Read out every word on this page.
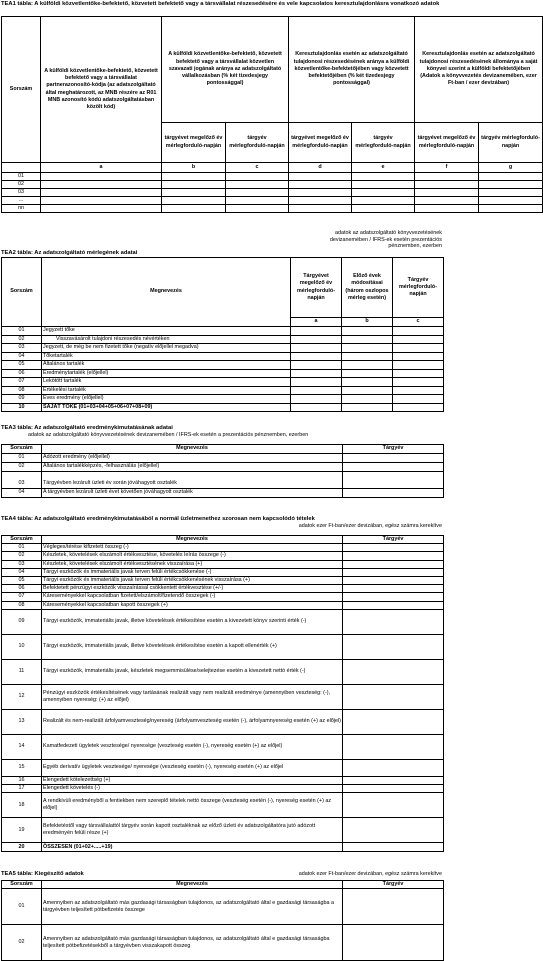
TEA1 tábla: A külföldi közvetlentőke-befektető, közvetett befektető vagy a társvállalat részesedésére és vele kapcsolatos keresztulajdonlásra vonatkozó adatok
Sorszám	A külföldi közvetlentőke-befektető, közvetett befektető vagy a társvállalat partnerazonosító-kódja (az adatszolgáltató által meghatározott, az MNB részére az R01 MNB azonosító kódú adatszolgáltatásban közölt kód)	A külföldi közvetlentőke-befektető, közvetett befektető vagy a társvállalat közvetlen szavazati jogának aránya az adatszolgáltató vállalkozásban (% két tizedesjegy pontossággal)		Keresztulajdonlás esetén az adatszolgáltató tulajdonosi részesedésének aránya a külföldi közvetlentőke-befektetőjében vagy közvetett befektetőjében (% két tizedesjegy pontossággal)		Keresztulajdonlás esetén az adatszolgáltató tulajdonosi részesedésének állománya a saját könyvei szerint a külföldi befektetőjében (Adatok a könyvvezetés devizanemében, ezer Ft-ban / ezer devizában)	
		tárgyévet megelőző év mérlegforduló-napján	tárgyév mérlegforduló-napján	tárgyévet megelőző év mérlegforduló-napján	tárgyév mérlegforduló-napján	tárgyévet megelőző év mérlegforduló-napján	tárgyév mérlegforduló-napján
	a	b	c	d	e	f	g
01							
02							
03							
...							
nn							
adatok az adatszolgáltató könyvvezetésének devizanemében / IFRS-ek esetén prezentációs pénznemben, ezerben
TEA2 tábla: Az adatszolgáltató mérlegének adatai
Sorszám	Megnevezés	Tárgyévet megelőző év mérlegforduló-napján	Előző évek módosításai (három oszlopos mérleg esetén)	Tárgyév mérlegforduló-napján
		a	b	c
01	Jegyzett tőke			
02	Visszavásárolt tulajdoni részesedés névértéken			
03	Jegyzett, de még be nem fizetett tőke (negatív előjellel megadva)			
04	Tőketartalék			
05	Általános tartalék			
06	Eredménytartalék (előjellel)			
07	Lekötött tartalék			
08	Értékelési tartalék			
09	Éves eredmény (előjellel)			
10	SAJÁT TŐKE (01+03+04+05+06+07+08+09)			
TEA3 tábla: Az adatszolgáltató eredménykimutatásának adatai
adatok az adatszolgáltató könyvvezetésének devizanemében / IFRS-ek esetén a prezentációs pénznemben, ezerben
Sorszám	Megnevezés	Tárgyév
01	Adózott eredmény (előjellel)	
02	Általános tartalékképzés, -felhasználás (előjellel)	
03	Tárgyévben lezárult üzleti év során jóváhagyott osztalék	
04	A tárgyévben lezárult üzleti évet követően jóváhagyott osztalék	
TEA4 tábla: Az adatszolgáltató eredménykimutatásából a normál üzletmenethez szorosan nem kapcsolódó tételek
adatok ezer Ft-ban/ezer devizában, egész számra kerekítve
Sorszám	Megnevezés	Tárgyév
01	Végleges/térése kifizetett összeg (-)	
02	Készletek, követelések elszámolt értékvesztése, követelés leírás összege (-)	
03	Készletek, követelések elszámolt értékvesztésének visszaírása (+)	
04	Tárgyi eszközök és immateriális javak terven felüli értékcsökkenése (-)	
05	Tárgyi eszközök és immateriális javak terven felüli értékcsökkenésének visszaírása (+)	
06	Befektetett pénzügyi eszközök visszaírással csökkentett értékvesztése (+/-)	
07	Káreseményekkel kapcsolatban fizetett/elszámolt/fizetendő összegek (-)	
08	Káreseményekkel kapcsolatban kapott összegek (+)	
09	Tárgyi eszközök, immateriális javak, illetve követelések értékesítése esetén a kivezetett könyv szerinti érték (-)	
10	Tárgyi eszközök, immateriális javak, illetve követelések értékesítése esetén a kapott ellenérték (+)	
11	Tárgyi eszközök, immateriális javak, készletek megsemmisülése/selejtezése esetén a kivezetett nettó érték (-)	
12	Pénzügyi eszközök értékesítésének vagy tartásának realizált vagy nem realizált eredménye (amennyiben veszteség: (-), amennyiben nyereség: (+) az előjel)	
13	Realizált és nem-realizált árfolyamveszteség/nyereség (árfolyamveszteség esetén (-), árfolyamnyereség esetén (+) az előjel)	
14	Kamatfedezeti ügyletek vesztesége/ nyeresége (veszteség esetén (-), nyereség esetén (+) az előjel)	
15	Egyéb derivatív ügyletek vesztesége/ nyeresége (veszteség esetén (-), nyereség esetén (+) az előjel	
16	Elengedett kötelezettség (+)	
17	Elengedett követelés (-)	
18	A rendkívüli eredményből a fentiekben nem szereplő tételek nettó összege (veszteség esetén (-), nyereség esetén (+) az előjel)	
19	Befektetéstől vagy társvállalattól tárgyév során kapott osztaléknak az előző üzleti év adatszolgáltatóra jutó adózott eredményén felüli része (+)	
20	ÖSSZESEN (01+02+.....+19)	
TEA5 tábla: Kiegészítő adatok	adatok ezer Ft-ban/ezer devizában, egész számra kerekítve
Sorszám	Megnevezés	Tárgyév
01	Amennyiben az adatszolgáltató más gazdasági társaságban tulajdonos, az adatszolgáltató által e gazdasági társaságba a tárgyévben teljesített pótbefizetés összege	
02	Amennyiben az adatszolgáltató más gazdasági társaságban tulajdonos, az adatszolgáltató által e gazdasági társaságba teljesített pótbefizetésekből a tárgyévben visszakapott összeg	
